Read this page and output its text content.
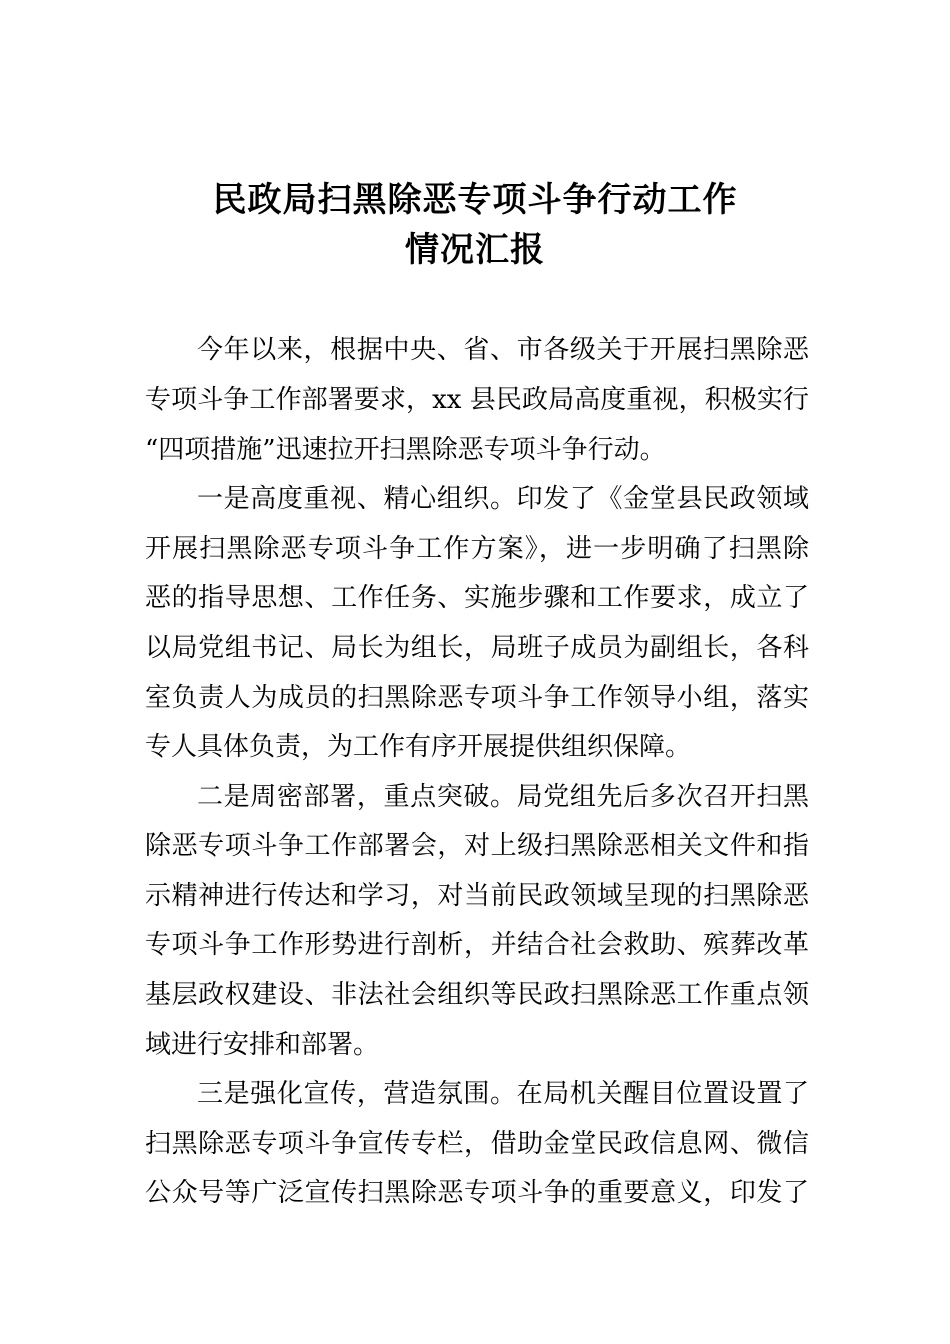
民政局扫黑除恶专项斗争行动工作
情况汇报
今年以来，根据中央、省、市各级关于开展扫黑除恶
专项斗争工作部署要求，xx 县民政局高度重视，积极实行
“四项措施”迅速拉开扫黑除恶专项斗争行动。
一是高度重视、精心组织。印发了《金堂县民政领域
开展扫黑除恶专项斗争工作方案》，进一步明确了扫黑除
恶的指导思想、工作任务、实施步骤和工作要求，成立了
以局党组书记、局长为组长，局班子成员为副组长，各科
室负责人为成员的扫黑除恶专项斗争工作领导小组，落实
专人具体负责，为工作有序开展提供组织保障。
二是周密部署，重点突破。局党组先后多次召开扫黑
除恶专项斗争工作部署会，对上级扫黑除恶相关文件和指
示精神进行传达和学习，对当前民政领域呈现的扫黑除恶
专项斗争工作形势进行剖析，并结合社会救助、殡葬改革
基层政权建设、非法社会组织等民政扫黑除恶工作重点领
域进行安排和部署。
三是强化宣传，营造氛围。在局机关醒目位置设置了
扫黑除恶专项斗争宣传专栏，借助金堂民政信息网、微信
公众号等广泛宣传扫黑除恶专项斗争的重要意义，印发了
